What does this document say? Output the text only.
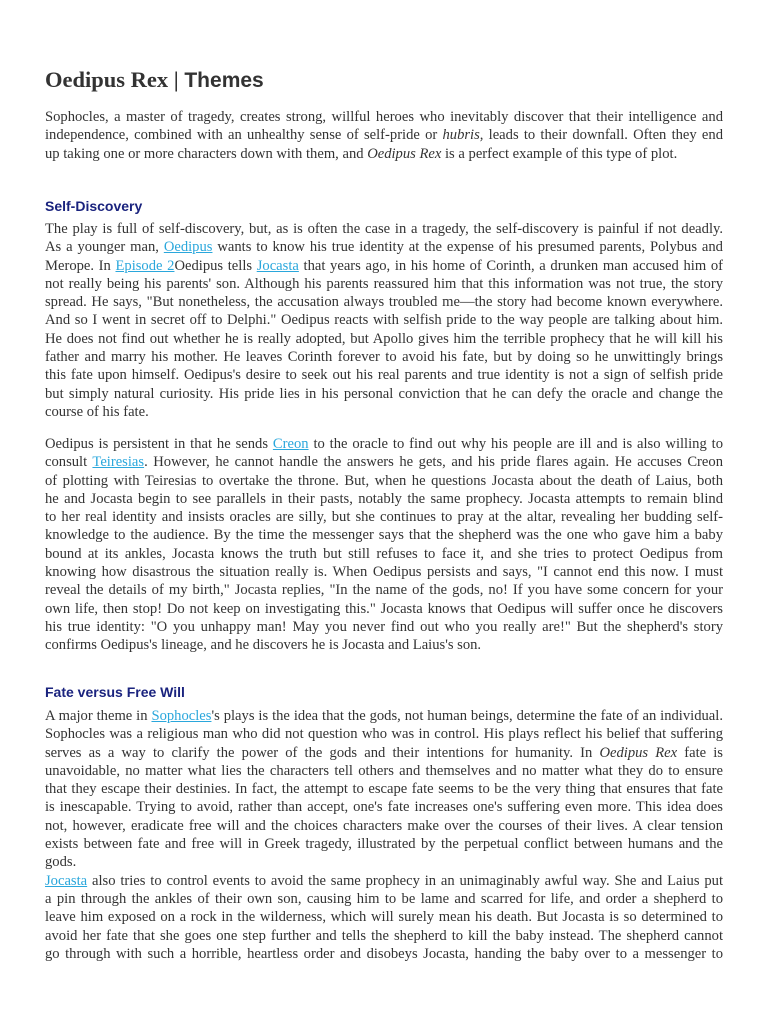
Oedipus Rex | Themes
Sophocles, a master of tragedy, creates strong, willful heroes who inevitably discover that their intelligence and
independence, combined with an unhealthy sense of self-pride or hubris, leads to their downfall. Often they end
up taking one or more characters down with them, and Oedipus Rex is a perfect example of this type of plot.
Self-Discovery
The play is full of self-discovery, but, as is often the case in a tragedy, the self-discovery is painful if not deadly.
As a younger man, Oedipus wants to know his true identity at the expense of his presumed parents, Polybus and
Merope. In Episode 2Oedipus tells Jocasta that years ago, in his home of Corinth, a drunken man accused him of
not really being his parents' son. Although his parents reassured him that this information was not true, the story
spread. He says, "But nonetheless, the accusation always troubled me—the story had become known everywhere.
And so I went in secret off to Delphi." Oedipus reacts with selfish pride to the way people are talking about him.
He does not find out whether he is really adopted, but Apollo gives him the terrible prophecy that he will kill his
father and marry his mother. He leaves Corinth forever to avoid his fate, but by doing so he unwittingly brings
this fate upon himself. Oedipus's desire to seek out his real parents and true identity is not a sign of selfish pride
but simply natural curiosity. His pride lies in his personal conviction that he can defy the oracle and change the
course of his fate.
Oedipus is persistent in that he sends Creon to the oracle to find out why his people are ill and is also willing to
consult Teiresias. However, he cannot handle the answers he gets, and his pride flares again. He accuses Creon
of plotting with Teiresias to overtake the throne. But, when he questions Jocasta about the death of Laius, both
he and Jocasta begin to see parallels in their pasts, notably the same prophecy. Jocasta attempts to remain blind
to her real identity and insists oracles are silly, but she continues to pray at the altar, revealing her budding self-
knowledge to the audience. By the time the messenger says that the shepherd was the one who gave him a baby
bound at its ankles, Jocasta knows the truth but still refuses to face it, and she tries to protect Oedipus from
knowing how disastrous the situation really is. When Oedipus persists and says, "I cannot end this now. I must
reveal the details of my birth," Jocasta replies, "In the name of the gods, no! If you have some concern for your
own life, then stop! Do not keep on investigating this." Jocasta knows that Oedipus will suffer once he discovers
his true identity: "O you unhappy man! May you never find out who you really are!" But the shepherd's story
confirms Oedipus's lineage, and he discovers he is Jocasta and Laius's son.
Fate versus Free Will
A major theme in Sophocles's plays is the idea that the gods, not human beings, determine the fate of an individual.
Sophocles was a religious man who did not question who was in control. His plays reflect his belief that suffering
serves as a way to clarify the power of the gods and their intentions for humanity. In Oedipus Rex fate is
unavoidable, no matter what lies the characters tell others and themselves and no matter what they do to ensure
that they escape their destinies. In fact, the attempt to escape fate seems to be the very thing that ensures that fate
is inescapable. Trying to avoid, rather than accept, one's fate increases one's suffering even more. This idea does
not, however, eradicate free will and the choices characters make over the courses of their lives. A clear tension
exists between fate and free will in Greek tragedy, illustrated by the perpetual conflict between humans and the
gods.
Jocasta also tries to control events to avoid the same prophecy in an unimaginably awful way. She and Laius put
a pin through the ankles of their own son, causing him to be lame and scarred for life, and order a shepherd to
leave him exposed on a rock in the wilderness, which will surely mean his death. But Jocasta is so determined to
avoid her fate that she goes one step further and tells the shepherd to kill the baby instead. The shepherd cannot
go through with such a horrible, heartless order and disobeys Jocasta, handing the baby over to a messenger to
